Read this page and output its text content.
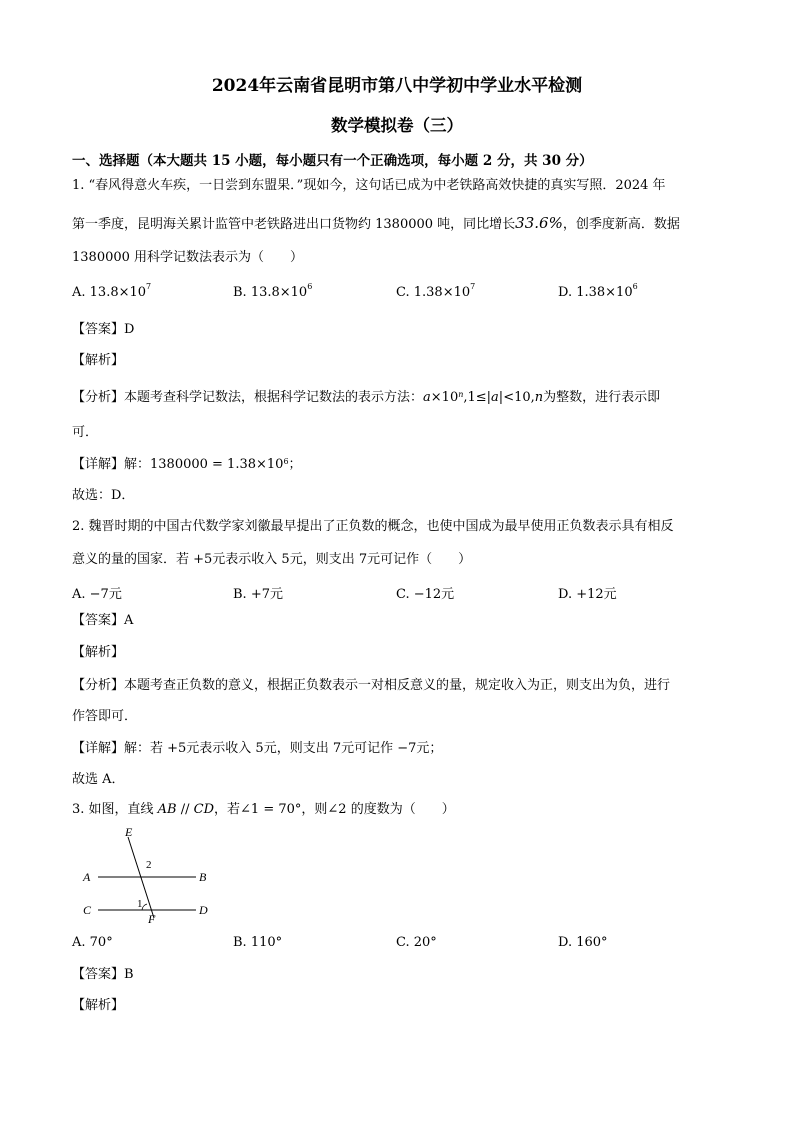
2024年云南省昆明市第八中学初中学业水平检测
数学模拟卷（三）
一、选择题（本大题共 15 小题，每小题只有一个正确选项，每小题 2 分，共 30 分）
1. “春风得意火车疾，一日尝到东盟果．”现如今，这句话已成为中老铁路高效快捷的真实写照．2024 年
第一季度，昆明海关累计监管中老铁路进出口货物约 1380000 吨，同比增长33.6%，创季度新高．数据
1380000 用科学记数法表示为（　　）
A. $13.8\times 10^7$	B. $13.8\times 10^6$	C. $1.38\times 10^7$	D. $1.38\times 10^6$
【答案】D
【解析】
【分析】本题考查科学记数法，根据科学记数法的表示方法：$a\times 10^n,1\le|a|<10,n$为整数，进行表示即
可．
【详解】解：$1380000 = 1.38\times 10^6$；
故选：D．
2. 魏晋时期的中国古代数学家刘徽最早提出了正负数的概念，也使中国成为最早使用正负数表示具有相反
意义的量的国家．若 +5元表示收入 5元，则支出 7元可记作（　　）
A. −7元	B. +7元	C. −12元	D. +12元
【答案】A
【解析】
【分析】本题考查正负数的意义，根据正负数表示一对相反意义的量，规定收入为正，则支出为负，进行
作答即可．
【详解】解：若 +5元表示收入 5元，则支出 7元可记作 −7元；
故选 A．
3. 如图，直线 AB // CD，若∠1 = 70°，则∠2 的度数为（　　）
E
A	B
C	D
F
1
2
A. 70°	B. 110°	C. 20°	D. 160°
【答案】B
【解析】
